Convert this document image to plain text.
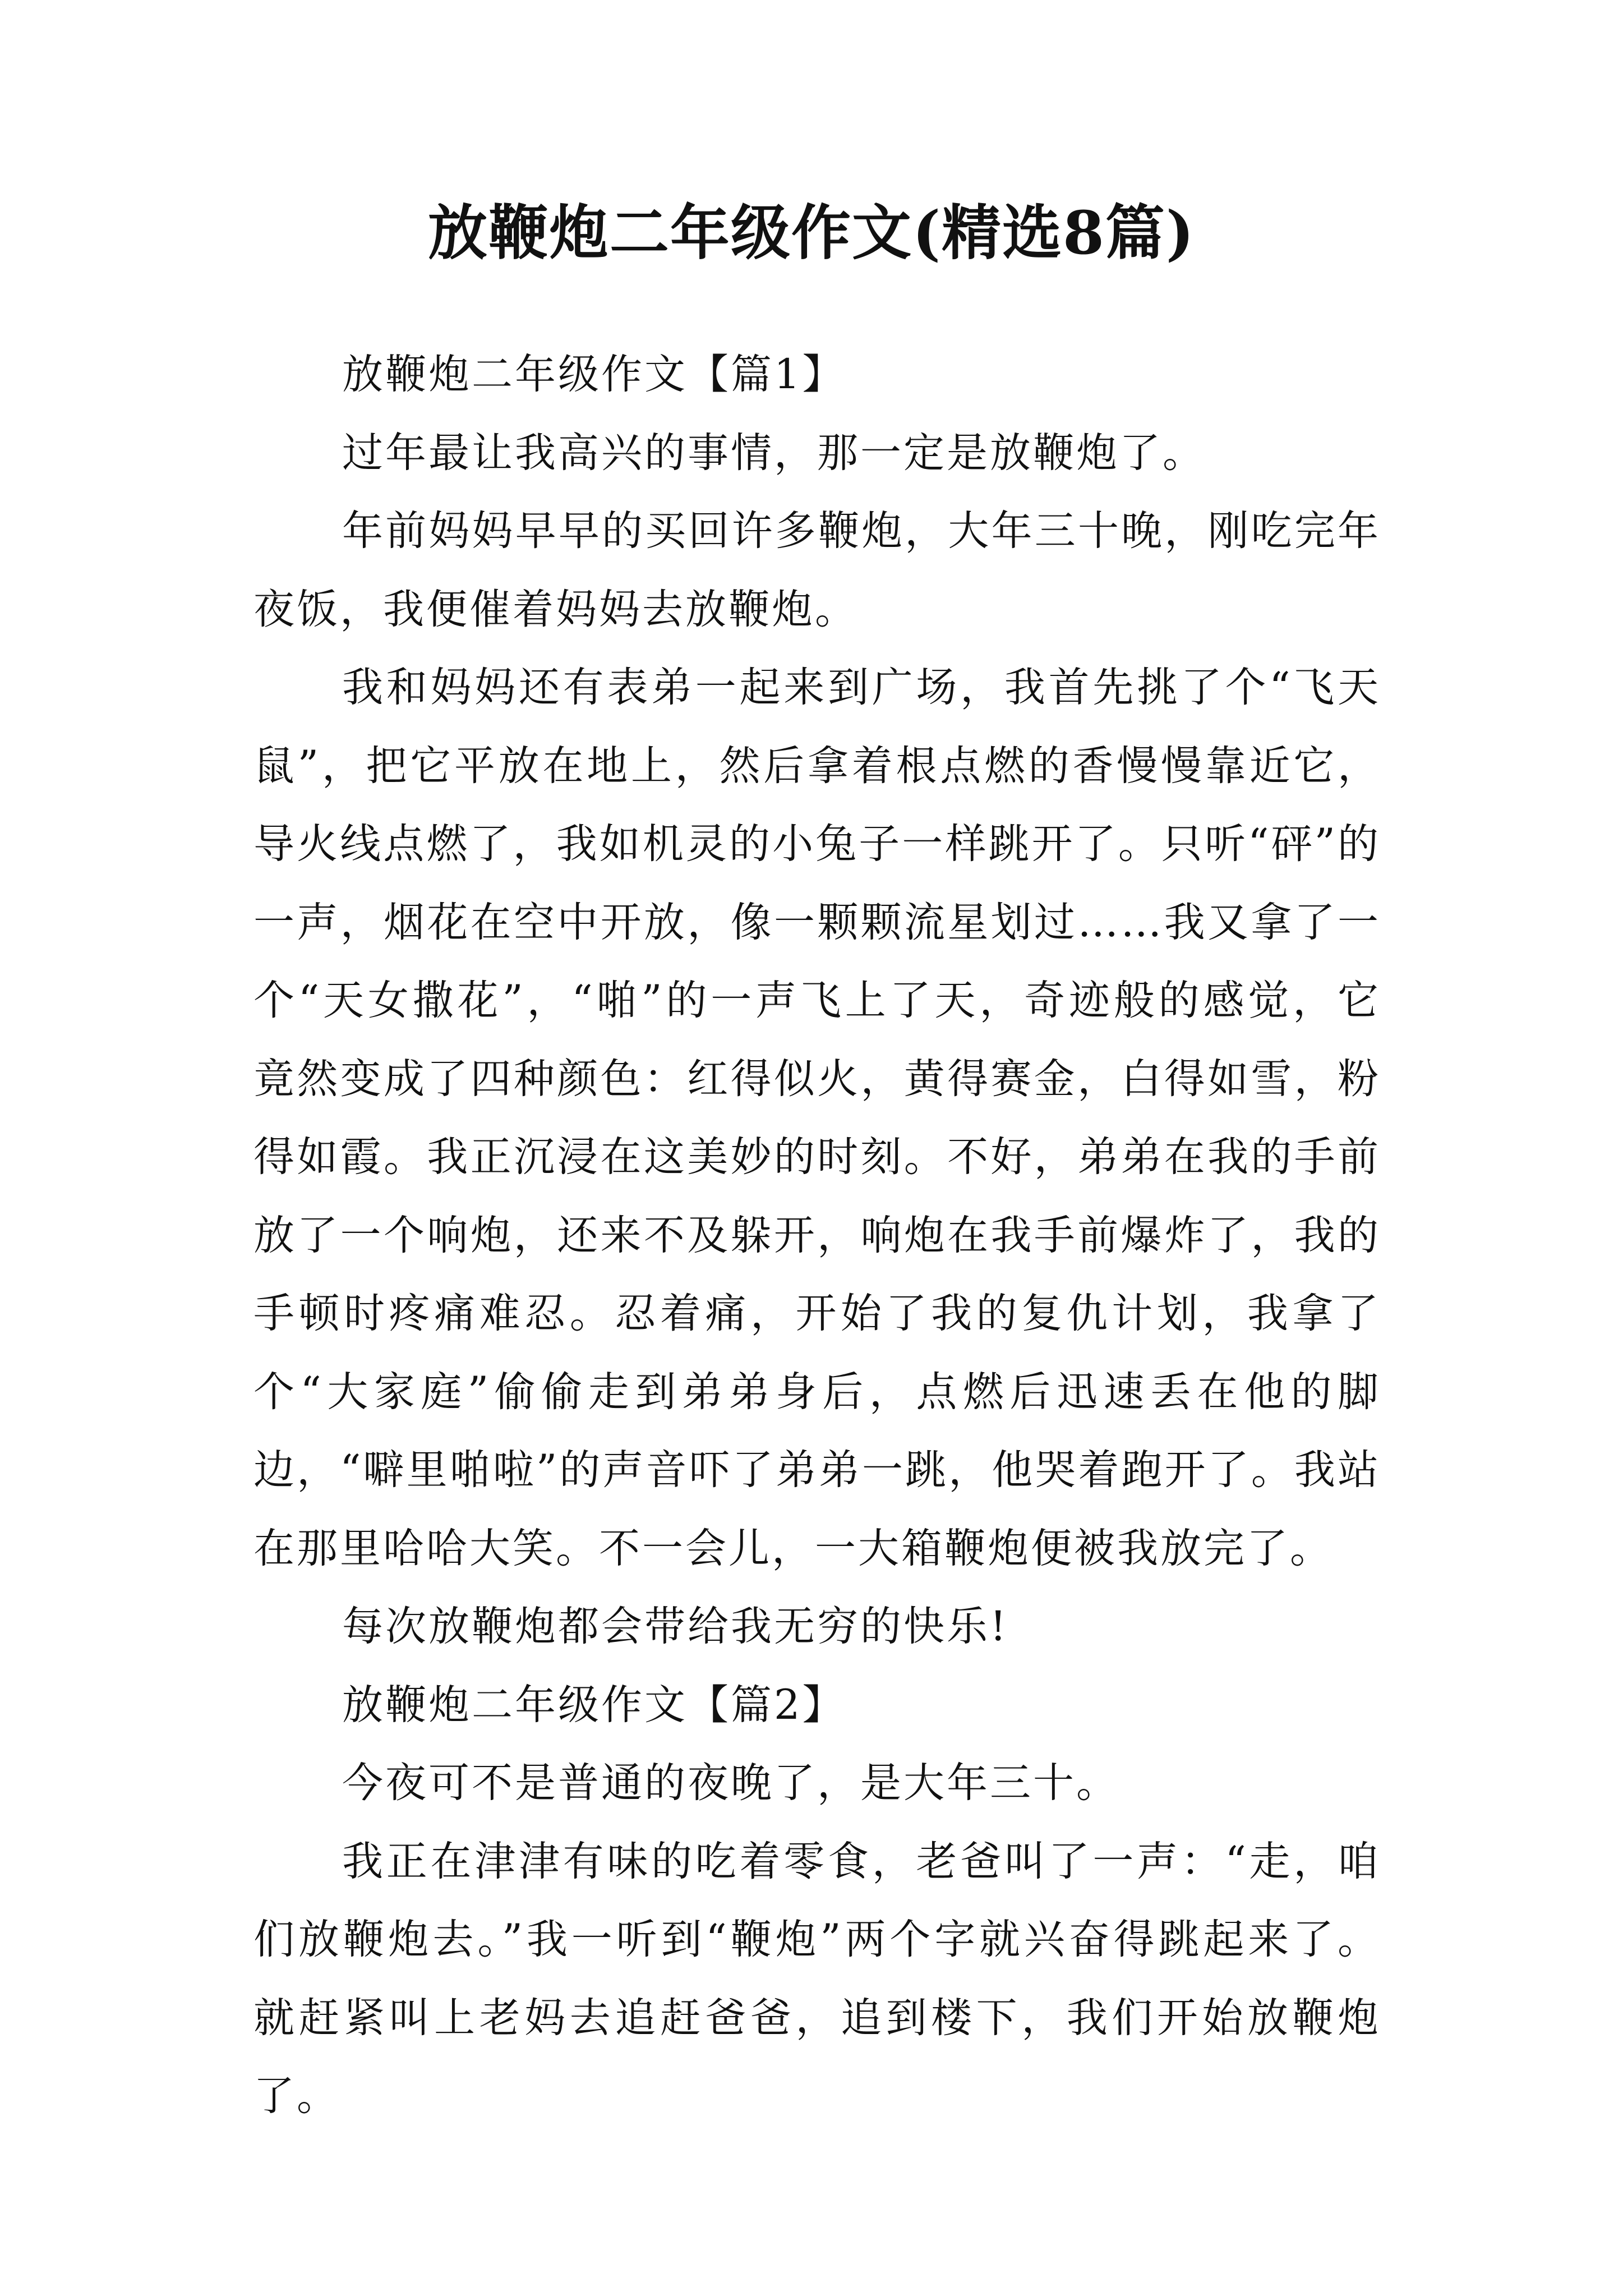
放鞭炮二年级作文(精选8篇)

放鞭炮二年级作文【篇1】

过年最让我高兴的事情，那一定是放鞭炮了。

年前妈妈早早的买回许多鞭炮，大年三十晚，刚吃完年夜饭，我便催着妈妈去放鞭炮。

我和妈妈还有表弟一起来到广场，我首先挑了个“飞天鼠”，把它平放在地上，然后拿着根点燃的香慢慢靠近它，导火线点燃了，我如机灵的小兔子一样跳开了。只听“砰”的一声，烟花在空中开放，像一颗颗流星划过……我又拿了一个“天女撒花”，“啪”的一声飞上了天，奇迹般的感觉，它竟然变成了四种颜色：红得似火，黄得赛金，白得如雪，粉得如霞。我正沉浸在这美妙的时刻。不好，弟弟在我的手前放了一个响炮，还来不及躲开，响炮在我手前爆炸了，我的手顿时疼痛难忍。忍着痛，开始了我的复仇计划，我拿了个“大家庭”偷偷走到弟弟身后，点燃后迅速丢在他的脚边，“噼里啪啦”的声音吓了弟弟一跳，他哭着跑开了。我站在那里哈哈大笑。不一会儿，一大箱鞭炮便被我放完了。

每次放鞭炮都会带给我无穷的快乐!

放鞭炮二年级作文【篇2】

今夜可不是普通的夜晚了，是大年三十。

我正在津津有味的吃着零食，老爸叫了一声：“走，咱们放鞭炮去。”我一听到“鞭炮”两个字就兴奋得跳起来了。就赶紧叫上老妈去追赶爸爸，追到楼下，我们开始放鞭炮了。
